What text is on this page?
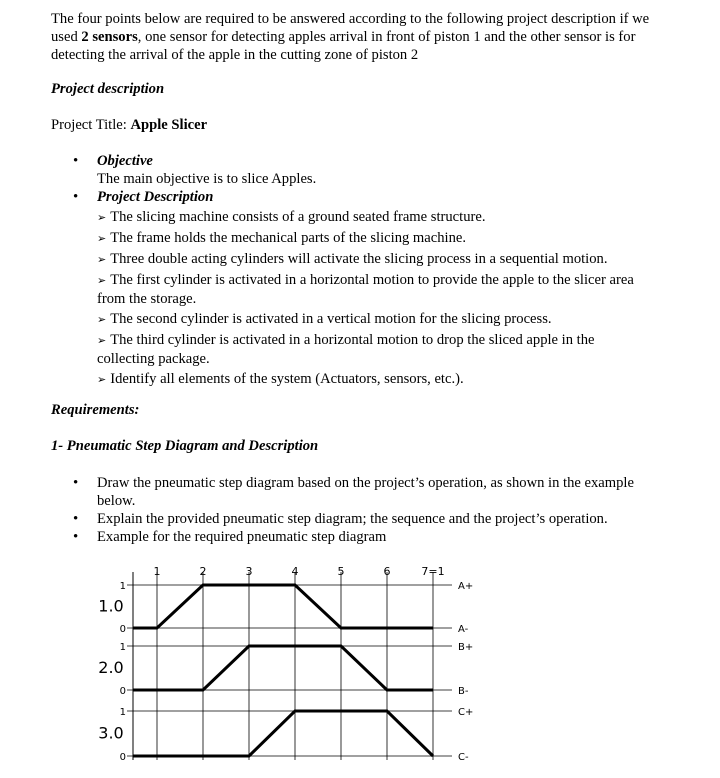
The four points below are required to be answered according to the following project description if we used 2 sensors, one sensor for detecting apples arrival in front of piston 1 and the other sensor is for detecting the arrival of the apple in the cutting zone of piston 2

Project description

Project Title: Apple Slicer

• Objective

The main objective is to slice Apples.

• Project Description

➢ The slicing machine consists of a ground seated frame structure.

➢ The frame holds the mechanical parts of the slicing machine.

➢ Three double acting cylinders will activate the slicing process in a sequential motion.

➢ The first cylinder is activated in a horizontal motion to provide the apple to the slicer area from the storage.

➢ The second cylinder is activated in a vertical motion for the slicing process.

➢ The third cylinder is activated in a horizontal motion to drop the sliced apple in the collecting package.

➢ Identify all elements of the system (Actuators, sensors, etc.).

Requirements:

1- Pneumatic Step Diagram and Description

• Draw the pneumatic step diagram based on the project’s operation, as shown in the example below.
• Explain the provided pneumatic step diagram; the sequence and the project’s operation.
• Example for the required pneumatic step diagram
1	2	3	4	5	6	7=1
1
0
1.0
A+
A-
1
0
2.0
B+
B-
1
0
3.0
C+
C-
